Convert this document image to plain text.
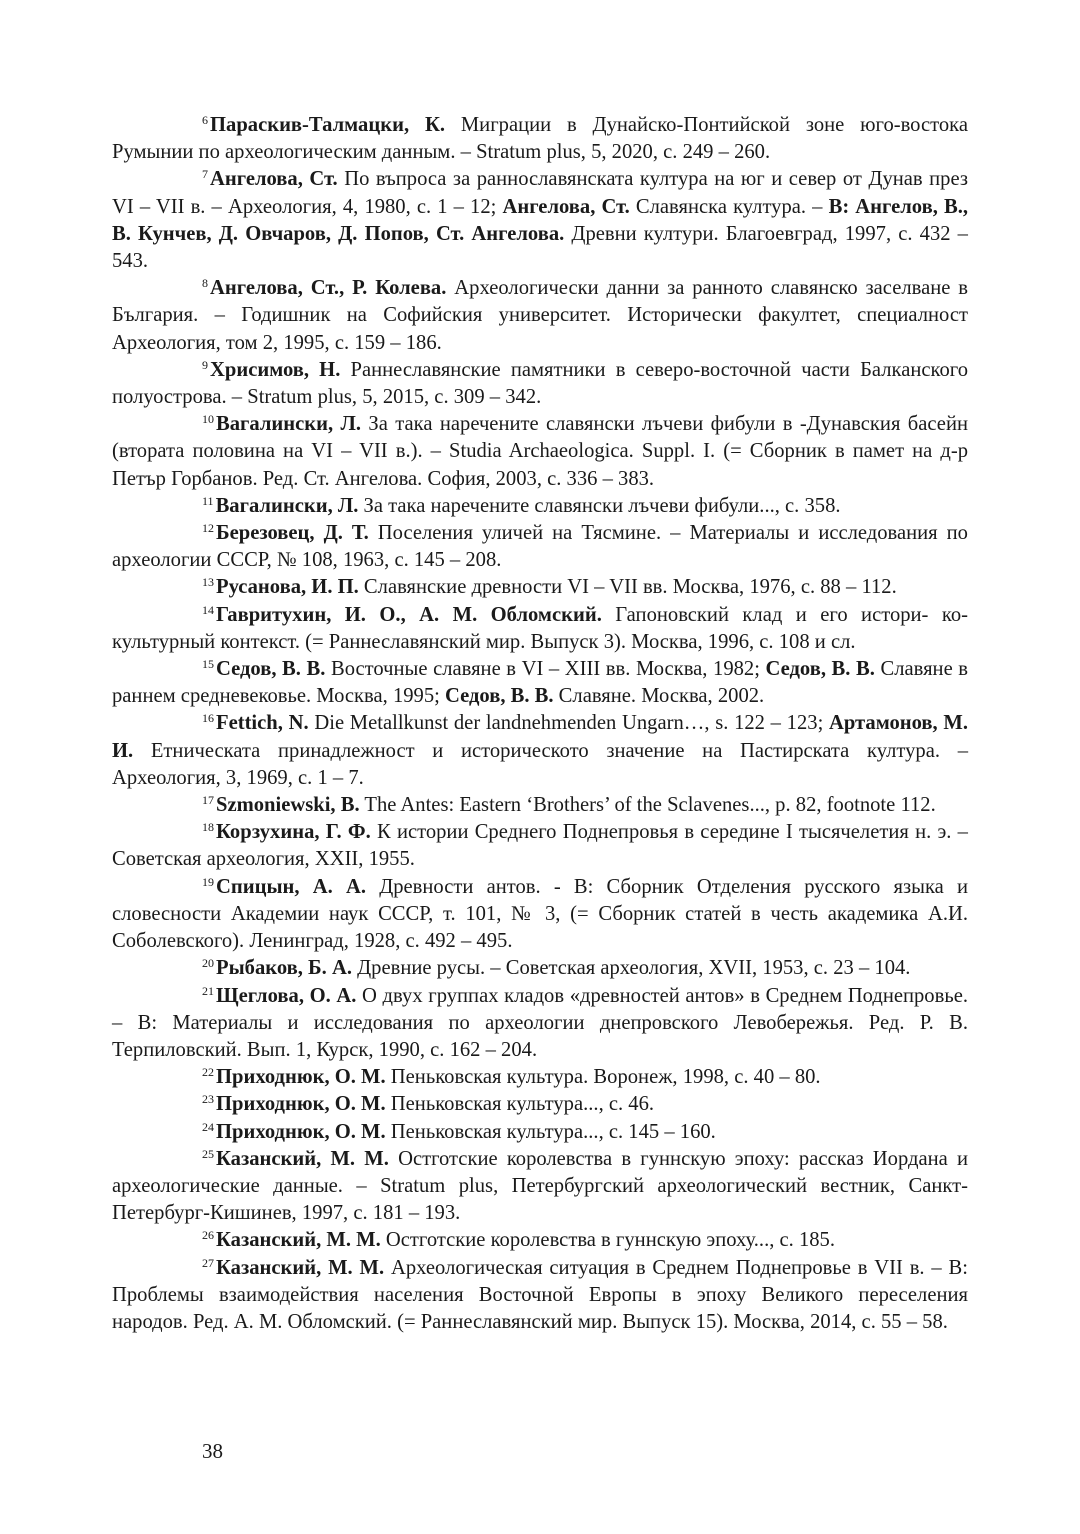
$^6$Параскив-Талмацки, К. Миграции в Дунайско-Понтийской зоне юго-востока Румынии по археологическим данным. – Stratum plus, 5, 2020, с. 249 – 260.

$^7$Ангелова, Ст. По въпроса за раннославянската култура на юг и север от Дунав през VI – VII в. – Археология, 4, 1980, с. 1 – 12; Ангелова, Ст. Славянска култура. – В: Ангелов, В., В. Кунчев, Д. Овчаров, Д. Попов, Ст. Ангелова. Древни култури. Благоевград, 1997, с. 432 – 543.

$^8$Ангелова, Ст., Р. Колева. Археологически данни за ранното славянско заселване в България. – Годишник на Софийския университет. Исторически факултет, специалност Археология, том 2, 1995, с. 159 – 186.

$^9$Хрисимов, Н. Раннеславянские памятники в северо-восточной части Балканского полуострова. – Stratum plus, 5, 2015, с. 309 – 342.

$^{10}$Вагалински, Л. За така наречените славянски лъчеви фибули в -Дунавския басейн (втората половина на VI – VII в.). – Studia Archaeologica. Suppl. I. (= Сборник в памет на д-р Петър Горбанов. Ред. Ст. Ангелова. София, 2003, с. 336 – 383.

$^{11}$Вагалински, Л. За така наречените славянски лъчеви фибули..., с. 358.

$^{12}$Березовец, Д. Т. Поселения уличей на Тясмине. – Материалы и исследования по археологии СССР, № 108, 1963, с. 145 – 208.

$^{13}$Русанова, И. П. Славянские древности VI – VII вв. Москва, 1976, с. 88 – 112.

$^{14}$Гавритухин, И. О., А. М. Обломский. Гапоновский клад и его истори- ко-культурный контекст. (= Раннеславянский мир. Выпуск 3). Москва, 1996, с. 108 и сл.

$^{15}$Седов, В. В. Восточные славяне в VI – XIII вв. Москва, 1982; Седов, В. В. Славяне в раннем средневековье. Москва, 1995; Седов, В. В. Славяне. Москва, 2002.

$^{16}$Fettich, N. Die Metallkunst der landnehmenden Ungarn…, s. 122 – 123; Артамонов, М. И. Етническата принадлежност и историческото значение на Пастирската култура. – Археология, 3, 1969, с. 1 – 7.

$^{17}$Szmoniewski, B. The Antes: Eastern ‘Brothers’ of the Sclavenes..., p. 82, footnote 112.

$^{18}$Корзухина, Г. Ф. К истории Среднего Поднепровья в середине I тысячелетия н. э. – Советская археология, XXII, 1955.

$^{19}$Спицын, А. А. Древности антов. - В: Сборник Отделения русского языка и словесности Академии наук СССР, т. 101, № 3, (= Сборник статей в честь академика А.И. Соболевского). Ленинград, 1928, с. 492 – 495.

$^{20}$Рыбаков, Б. А. Древние русы. – Советская археология, XVII, 1953, с. 23 – 104.

$^{21}$Щеглова, О. А. О двух группах кладов «древностей антов» в Среднем Поднепровье. – В: Материалы и исследования по археологии днепровского Левобережья. Ред. Р. В. Терпиловский. Вып. 1, Курск, 1990, с. 162 – 204.

$^{22}$Приходнюк, О. М. Пеньковская культура. Воронеж, 1998, с. 40 – 80.

$^{23}$Приходнюк, О. М. Пеньковская культура..., с. 46.

$^{24}$Приходнюк, О. М. Пеньковская культура..., с. 145 – 160.

$^{25}$Казанский, М. М. Остготские королевства в гуннскую эпоху: рассказ Иордана и археологические данные. – Stratum plus, Петербургский археологический вестник, Санкт-Петербург-Кишинев, 1997, с. 181 – 193.

$^{26}$Казанский, М. М. Остготские королевства в гуннскую эпоху..., с. 185.

$^{27}$Казанский, М. М. Археологическая ситуация в Среднем Поднепровье в VII в. – В: Проблемы взаимодействия населения Восточной Европы в эпоху Великого переселения народов. Ред. А. М. Обломский. (= Раннеславянский мир. Выпуск 15). Москва, 2014, с. 55 – 58.

38
